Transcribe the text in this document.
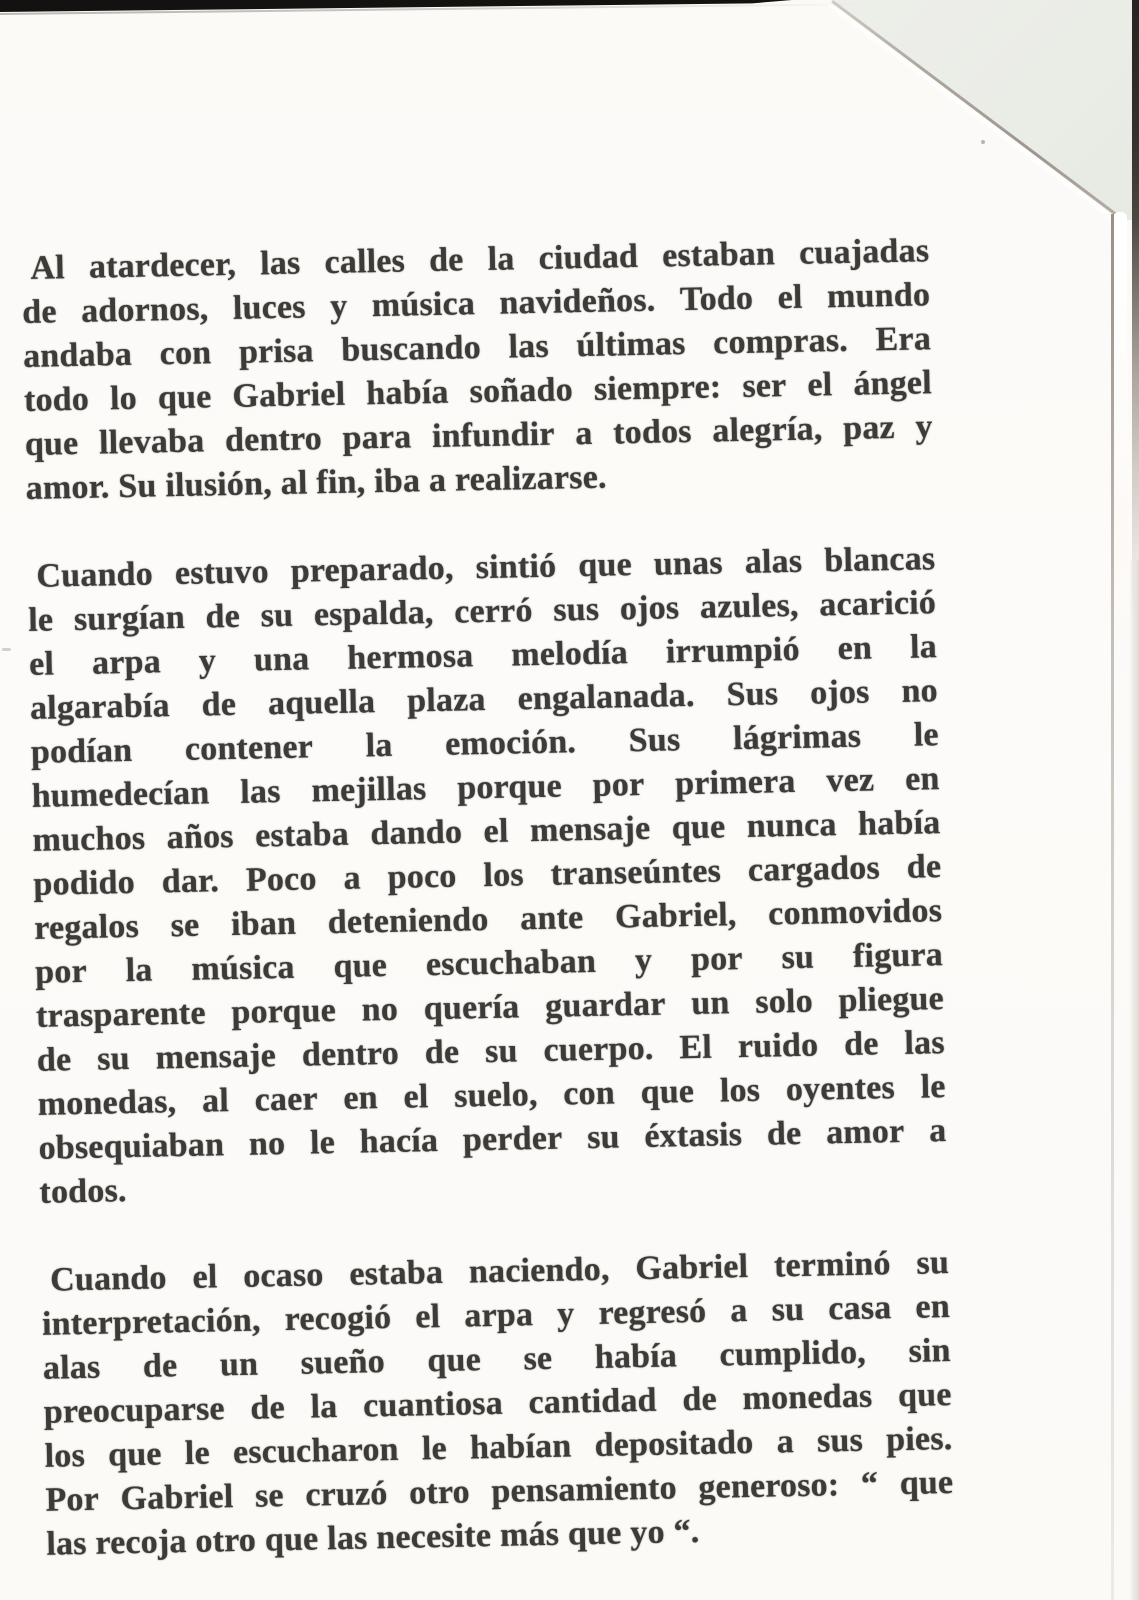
Al atardecer, las calles de la ciudad estaban cuajadas
de adornos, luces y música navideños. Todo el mundo
andaba con prisa buscando las últimas compras. Era
todo lo que Gabriel había soñado siempre: ser el ángel
que llevaba dentro para infundir a todos alegría, paz y
amor. Su ilusión, al fin, iba a realizarse.
Cuando estuvo preparado, sintió que unas alas blancas
le surgían de su espalda, cerró sus ojos azules, acarició
el arpa y una hermosa melodía irrumpió en la
algarabía de aquella plaza engalanada. Sus ojos no
podían contener la emoción. Sus lágrimas le
humedecían las mejillas porque por primera vez en
muchos años estaba dando el mensaje que nunca había
podido dar. Poco a poco los transeúntes cargados de
regalos se iban deteniendo ante Gabriel, conmovidos
por la música que escuchaban y por su figura
trasparente porque no quería guardar un solo pliegue
de su mensaje dentro de su cuerpo. El ruido de las
monedas, al caer en el suelo, con que los oyentes le
obsequiaban no le hacía perder su éxtasis de amor a
todos.
Cuando el ocaso estaba naciendo, Gabriel terminó su
interpretación, recogió el arpa y regresó a su casa en
alas de un sueño que se había cumplido, sin
preocuparse de la cuantiosa cantidad de monedas que
los que le escucharon le habían depositado a sus pies.
Por Gabriel se cruzó otro pensamiento generoso: “ que
las recoja otro que las necesite más que yo “.
